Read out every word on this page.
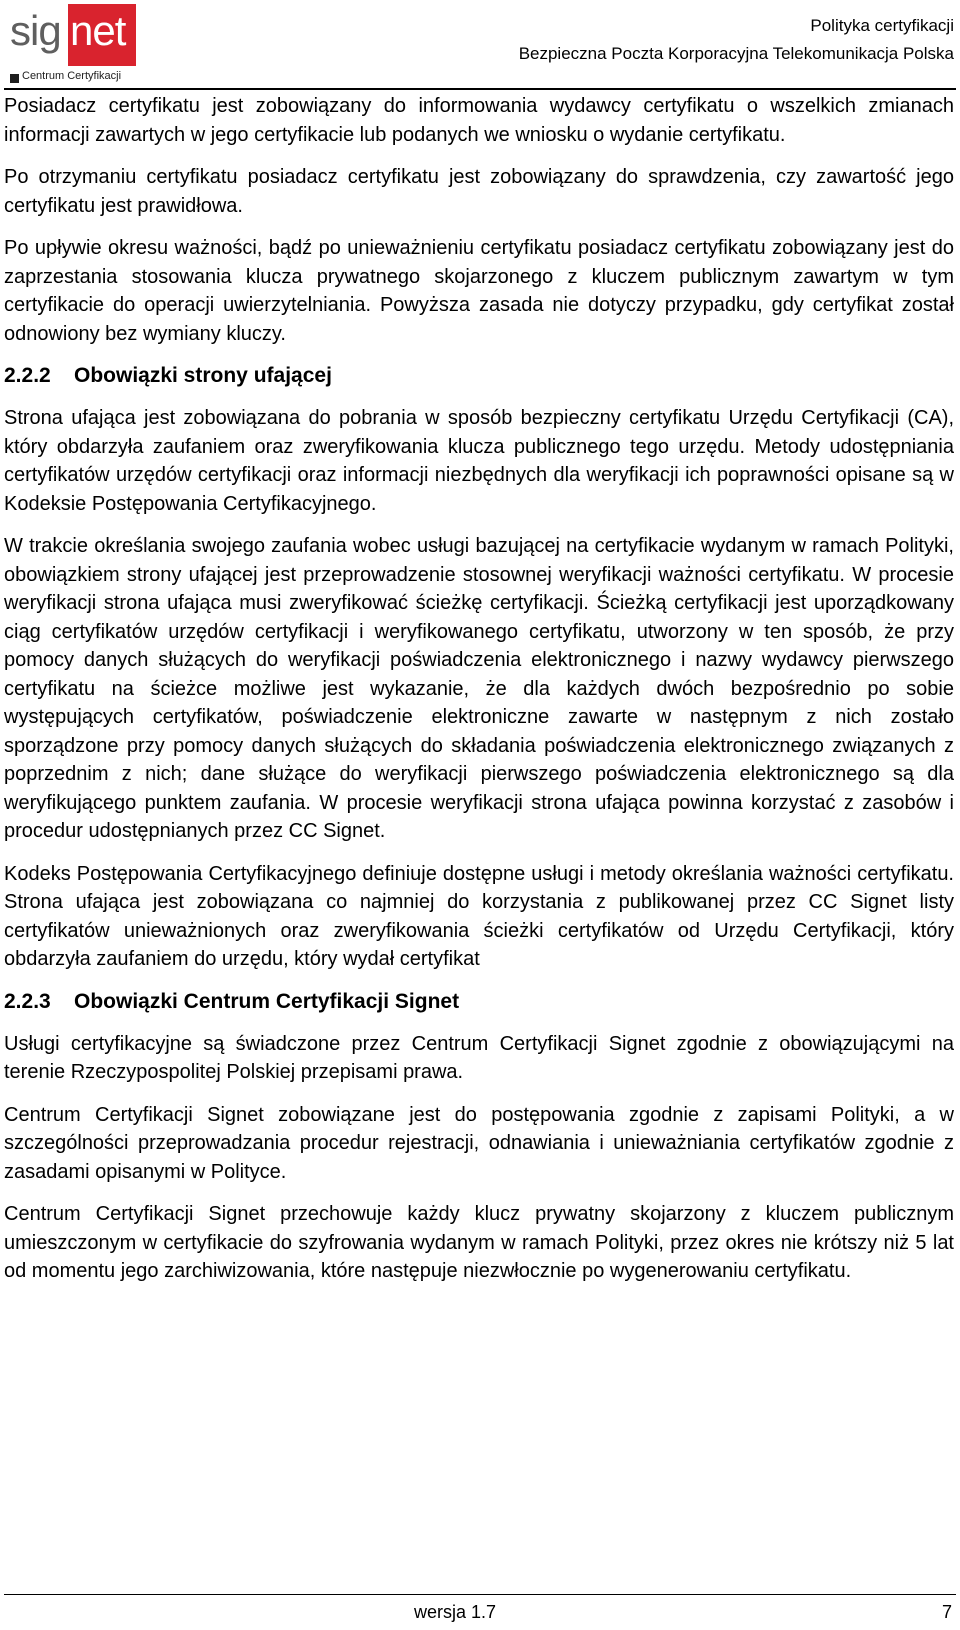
sig net
Centrum Certyfikacji
Polityka certyfikacji
Bezpieczna Poczta Korporacyjna Telekomunikacja Polska

Posiadacz certyfikatu jest zobowiązany do informowania wydawcy certyfikatu o wszelkich zmianach informacji zawartych w jego certyfikacie lub podanych we wniosku o wydanie certyfikatu.

Po otrzymaniu certyfikatu posiadacz certyfikatu jest zobowiązany do sprawdzenia, czy zawartość jego certyfikatu jest prawidłowa.

Po upływie okresu ważności, bądź po unieważnieniu certyfikatu posiadacz certyfikatu zobowiązany jest do zaprzestania stosowania klucza prywatnego skojarzonego z kluczem publicznym zawartym w tym certyfikacie do operacji uwierzytelniania. Powyższa zasada nie dotyczy przypadku, gdy certyfikat został odnowiony bez wymiany kluczy.

2.2.2 Obowiązki strony ufającej

Strona ufająca jest zobowiązana do pobrania w sposób bezpieczny certyfikatu Urzędu Certyfikacji (CA), który obdarzyła zaufaniem oraz zweryfikowania klucza publicznego tego urzędu. Metody udostępniania certyfikatów urzędów certyfikacji oraz informacji niezbędnych dla weryfikacji ich poprawności opisane są w Kodeksie Postępowania Certyfikacyjnego.

W trakcie określania swojego zaufania wobec usługi bazującej na certyfikacie wydanym w ramach Polityki, obowiązkiem strony ufającej jest przeprowadzenie stosownej weryfikacji ważności certyfikatu. W procesie weryfikacji strona ufająca musi zweryfikować ścieżkę certyfikacji. Ścieżką certyfikacji jest uporządkowany ciąg certyfikatów urzędów certyfikacji i weryfikowanego certyfikatu, utworzony w ten sposób, że przy pomocy danych służących do weryfikacji poświadczenia elektronicznego i nazwy wydawcy pierwszego certyfikatu na ścieżce możliwe jest wykazanie, że dla każdych dwóch bezpośrednio po sobie występujących certyfikatów, poświadczenie elektroniczne zawarte w następnym z nich zostało sporządzone przy pomocy danych służących do składania poświadczenia elektronicznego związanych z poprzednim z nich; dane służące do weryfikacji pierwszego poświadczenia elektronicznego są dla weryfikującego punktem zaufania. W procesie weryfikacji strona ufająca powinna korzystać z zasobów i procedur udostępnianych przez CC Signet.

Kodeks Postępowania Certyfikacyjnego definiuje dostępne usługi i metody określania ważności certyfikatu. Strona ufająca jest zobowiązana co najmniej do korzystania z publikowanej przez CC Signet listy certyfikatów unieważnionych oraz zweryfikowania ścieżki certyfikatów od Urzędu Certyfikacji, który obdarzyła zaufaniem do urzędu, który wydał certyfikat

2.2.3 Obowiązki Centrum Certyfikacji Signet

Usługi certyfikacyjne są świadczone przez Centrum Certyfikacji Signet zgodnie z obowiązującymi na terenie Rzeczypospolitej Polskiej przepisami prawa.

Centrum Certyfikacji Signet zobowiązane jest do postępowania zgodnie z zapisami Polityki, a w szczególności przeprowadzania procedur rejestracji, odnawiania i unieważniania certyfikatów zgodnie z zasadami opisanymi w Polityce.

Centrum Certyfikacji Signet przechowuje każdy klucz prywatny skojarzony z kluczem publicznym umieszczonym w certyfikacie do szyfrowania wydanym w ramach Polityki, przez okres nie krótszy niż 5 lat od momentu jego zarchiwizowania, które następuje niezwłocznie po wygenerowaniu certyfikatu.

wersja 1.7	7
